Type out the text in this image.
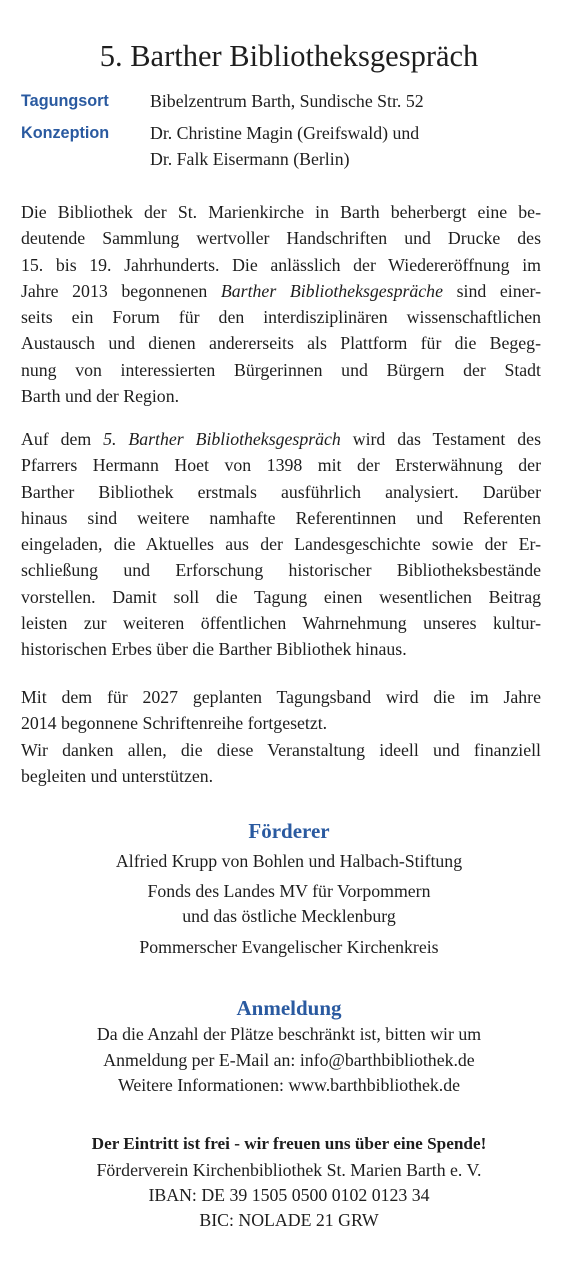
5. Barther Bibliotheksgespräch
Tagungsort Bibelzentrum Barth, Sundische Str. 52
Konzeption Dr. Christine Magin (Greifswald) und
Dr. Falk Eisermann (Berlin)
Die Bibliothek der St. Marienkirche in Barth beherbergt eine be-
deutende Sammlung wertvoller Handschriften und Drucke des
15. bis 19. Jahrhunderts. Die anlässlich der Wiedereröffnung im
Jahre 2013 begonnenen Barther Bibliotheksgespräche sind einer-
seits ein Forum für den interdisziplinären wissenschaftlichen
Austausch und dienen andererseits als Plattform für die Begeg-
nung von interessierten Bürgerinnen und Bürgern der Stadt
Barth und der Region.
Auf dem 5. Barther Bibliotheksgespräch wird das Testament des
Pfarrers Hermann Hoet von 1398 mit der Ersterwähnung der
Barther Bibliothek erstmals ausführlich analysiert. Darüber
hinaus sind weitere namhafte Referentinnen und Referenten
eingeladen, die Aktuelles aus der Landesgeschichte sowie der Er-
schließung und Erforschung historischer Bibliotheksbestände
vorstellen. Damit soll die Tagung einen wesentlichen Beitrag
leisten zur weiteren öffentlichen Wahrnehmung unseres kultur-
historischen Erbes über die Barther Bibliothek hinaus.
Mit dem für 2027 geplanten Tagungsband wird die im Jahre
2014 begonnene Schriftenreihe fortgesetzt.
Wir danken allen, die diese Veranstaltung ideell und finanziell
begleiten und unterstützen.
Förderer
Alfried Krupp von Bohlen und Halbach-Stiftung
Fonds des Landes MV für Vorpommern
und das östliche Mecklenburg
Pommerscher Evangelischer Kirchenkreis
Anmeldung
Da die Anzahl der Plätze beschränkt ist, bitten wir um
Anmeldung per E-Mail an: info@barthbibliothek.de
Weitere Informationen: www.barthbibliothek.de
Der Eintritt ist frei - wir freuen uns über eine Spende!
Förderverein Kirchenbibliothek St. Marien Barth e. V.
IBAN: DE 39 1505 0500 0102 0123 34
BIC: NOLADE 21 GRW
